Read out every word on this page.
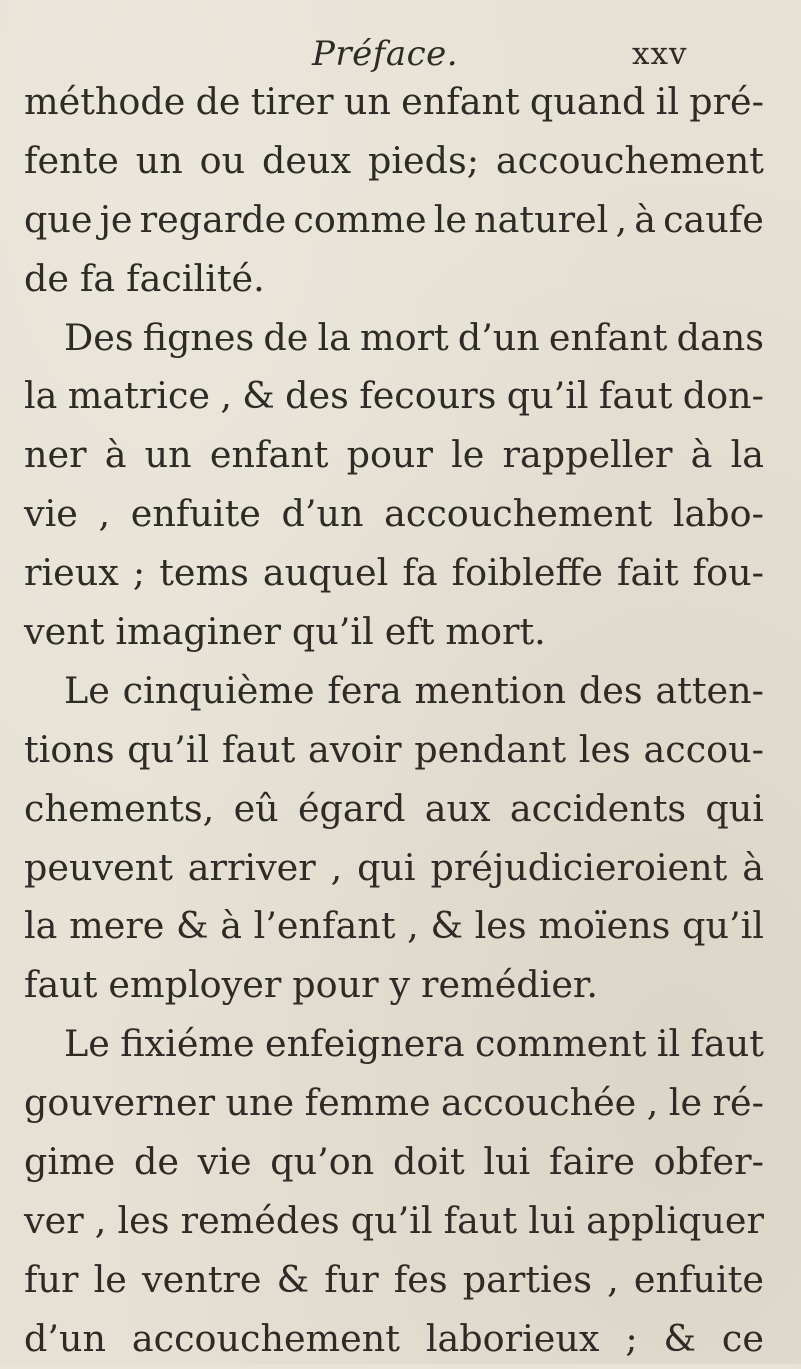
Préface.	xxv
méthode de tirer un enfant quand il pré-
fente un ou deux pieds; accouchement
que je regarde comme le naturel , à caufe
de fa facilité.
Des fignes de la mort d’un enfant dans
la matrice , & des fecours qu’il faut don-
ner à un enfant pour le rappeller à la
vie , enfuite d’un accouchement labo-
rieux ; tems auquel fa foibleffe fait fou-
vent imaginer qu’il eft mort.
Le cinquième fera mention des atten-
tions qu’il faut avoir pendant les accou-
chements, eû égard aux accidents qui
peuvent arriver , qui préjudicieroient à
la mere & à l’enfant , & les moïens qu’il
faut employer pour y remédier.
Le fixiéme enfeignera comment il faut
gouverner une femme accouchée , le ré-
gime de vie qu’on doit lui faire obfer-
ver , les remédes qu’il faut lui appliquer
fur le ventre & fur fes parties , enfuite
d’un accouchement laborieux ; & ce
